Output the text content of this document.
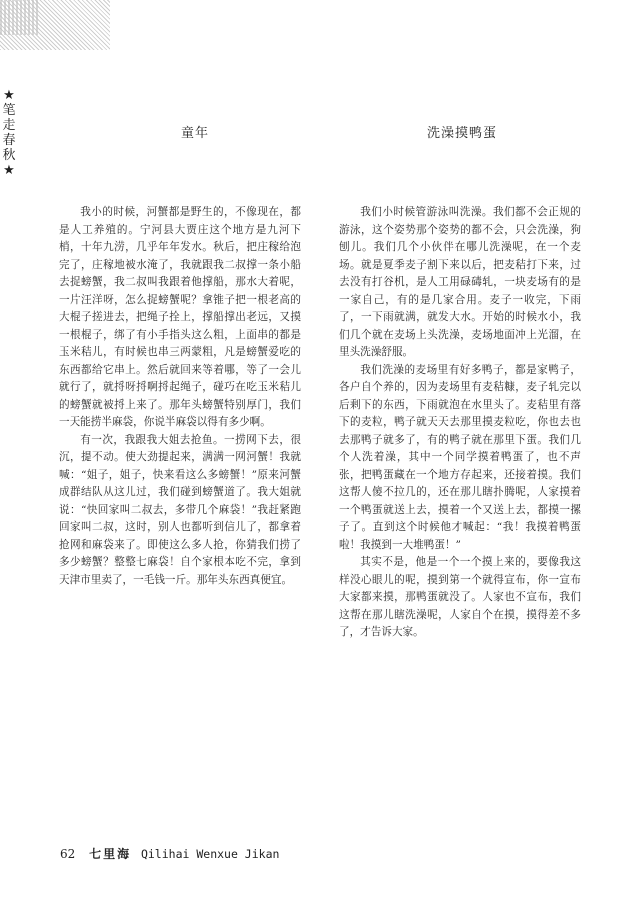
★
笔
走
春
秋
★
童年	洗澡摸鸭蛋

我小的时候，河蟹都是野生的，不像现在，都是人工养殖的。宁河县大贾庄这个地方是九河下梢，十年九涝，几乎年年发水。秋后，把庄稼给泡完了，庄稼地被水淹了，我就跟我二叔撑一条小船去捉螃蟹，我二叔叫我跟着他撑船，那水大着呢，一片汪洋呀，怎么捉螃蟹呢？拿锥子把一根老高的大棍子搓进去，把绳子拴上，撑船撑出老远，又摸一根棍子，绑了有小手指头这么粗，上面串的都是玉米秸儿，有时候也串三两蒙粗，凡是螃蟹爱吃的东西都给它串上。然后就回来等着哪，等了一会儿就行了，就捋呀捋啊捋起绳子，碰巧在吃玉米秸儿的螃蟹就被捋上来了。那年头螃蟹特别厚门，我们一天能捞半麻袋，你说半麻袋以得有多少啊。

有一次，我跟我大姐去抢鱼。一捞网下去，很沉，提不动。使大劲提起来，满满一网河蟹！我就喊：“姐子，姐子，快来看这么多螃蟹！”原来河蟹成群结队从这儿过，我们碰到螃蟹道了。我大姐就说：“快回家叫二叔去，多带几个麻袋！”我赶紧跑回家叫二叔，这时，别人也都听到信儿了，都拿着抢网和麻袋来了。即使这么多人抢，你猜我们捞了多少螃蟹？整整七麻袋！自个家根本吃不完，拿到天津市里卖了，一毛钱一斤。那年头东西真便宜。

我们小时候管游泳叫洗澡。我们都不会正规的游泳，这个姿势那个姿势的都不会，只会洗澡，狗刨儿。我们几个小伙伴在哪儿洗澡呢，在一个麦场。就是夏季麦子割下来以后，把麦秸打下来，过去没有打谷机，是人工用碌碡轧，一块麦场有的是一家自己，有的是几家合用。麦子一收完，下雨了，一下雨就满，就发大水。开始的时候水小，我们几个就在麦场上头洗澡，麦场地面冲上光溜，在里头洗澡舒服。

我们洗澡的麦场里有好多鸭子，都是家鸭子，各户自个养的，因为麦场里有麦秸糠，麦子轧完以后剩下的东西，下雨就泡在水里头了。麦秸里有落下的麦粒，鸭子就天天去那里摸麦粒吃，你也去也去那鸭子就多了，有的鸭子就在那里下蛋。我们几个人洗着澡，其中一个同学摸着鸭蛋了，也不声张，把鸭蛋藏在一个地方存起来，还接着摸。我们这帮人傻不拉几的，还在那儿瞎扑腾呢，人家摸着一个鸭蛋就送上去，摸着一个又送上去，都摸一摞子了。直到这个时候他才喊起：“我！我摸着鸭蛋啦！我摸到一大堆鸭蛋！”

其实不是，他是一个一个摸上来的，要像我这样没心眼儿的呢，摸到第一个就得宣布，你一宣布大家都来摸，那鸭蛋就没了。人家也不宣布，我们这帮在那儿瞎洗澡呢，人家自个在摸，摸得差不多了，才告诉大家。

62 七里海 Qilihai Wenxue Jikan
